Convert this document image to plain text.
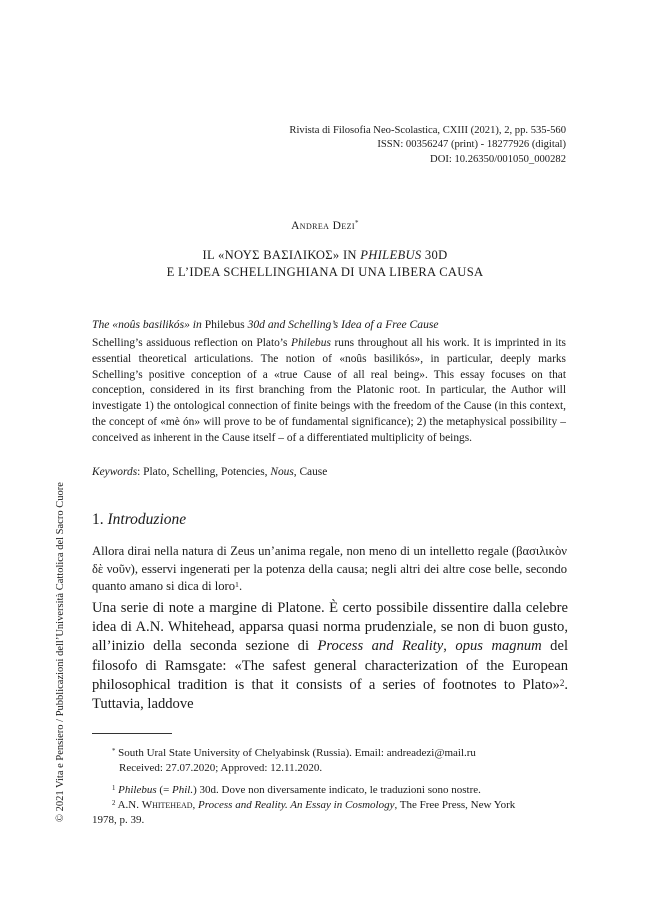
Rivista di Filosofia Neo-Scolastica, CXIII (2021), 2, pp. 535-560
ISSN: 00356247 (print) - 18277926 (digital)
DOI: 10.26350/001050_000282
Andrea Dezi*
IL «ΝΟΥΣ ΒΑΣΙΛΙΚΟΣ» IN PHILEBUS 30D
E L’IDEA SCHELLINGHIANA DI UNA LIBERA CAUSA
The «noûs basilikós» in Philebus 30d and Schelling’s Idea of a Free Cause
Schelling’s assiduous reflection on Plato’s Philebus runs throughout all his work. It is imprinted in its essential theoretical articulations. The notion of «noûs basilikós», in particular, deeply marks Schelling’s positive conception of a «true Cause of all real being». This essay focuses on that conception, considered in its first branching from the Platonic root. In particular, the Author will investigate 1) the ontological connection of finite beings with the freedom of the Cause (in this context, the concept of «mè ón» will prove to be of fundamental significance); 2) the metaphysical possibility – conceived as inherent in the Cause itself – of a differentiated multiplicity of beings.
Keywords: Plato, Schelling, Potencies, Nous, Cause
1. Introduzione
Allora dirai nella natura di Zeus un’anima regale, non meno di un intelletto regale (βασιλικὸν δὲ νοῦν), esservi ingenerati per la potenza della causa; negli altri dei altre cose belle, secondo quanto amano si dica di loro$^1$.
Una serie di note a margine di Platone. È certo possibile dissentire dalla celebre idea di A.N. Whitehead, apparsa quasi norma prudenziale, se non di buon gusto, all’inizio della seconda sezione di Process and Reality, opus magnum del filosofo di Ramsgate: «The safest general characterization of the European philosophical tradition is that it consists of a series of footnotes to Plato»$^2$. Tuttavia, laddove
* South Ural State University of Chelyabinsk (Russia). Email: andreadezi@mail.ru
Received: 27.07.2020; Approved: 12.11.2020.
$^1$ Philebus (= Phil.) 30d. Dove non diversamente indicato, le traduzioni sono nostre.
$^2$ A.N. Whitehead, Process and Reality. An Essay in Cosmology, The Free Press, New York
1978, p. 39.
© 2021 Vita e Pensiero / Pubblicazioni dell’Università Cattolica del Sacro Cuore
